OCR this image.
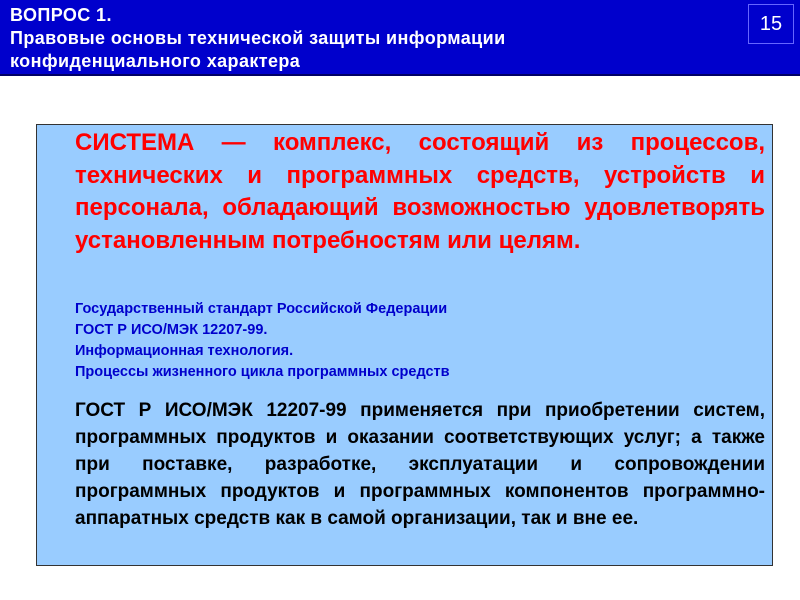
ВОПРОС 1.
Правовые основы технической защиты информации
конфиденциального характера
15

СИСТЕМА — комплекс, состоящий из процессов, технических и программных средств, устройств и персонала, обладающий возможностью удовлетворять установленным потребностям или целям.

Государственный стандарт Российской Федерации
ГОСТ Р ИСО/МЭК 12207-99.
Информационная технология.
Процессы жизненного цикла программных средств

ГОСТ Р ИСО/МЭК 12207-99 применяется при приобретении систем, программных продуктов и оказании соответствующих услуг; а также при поставке, разработке, эксплуатации и сопровождении программных продуктов и программных компонентов программно-аппаратных средств как в самой организации, так и вне ее.
